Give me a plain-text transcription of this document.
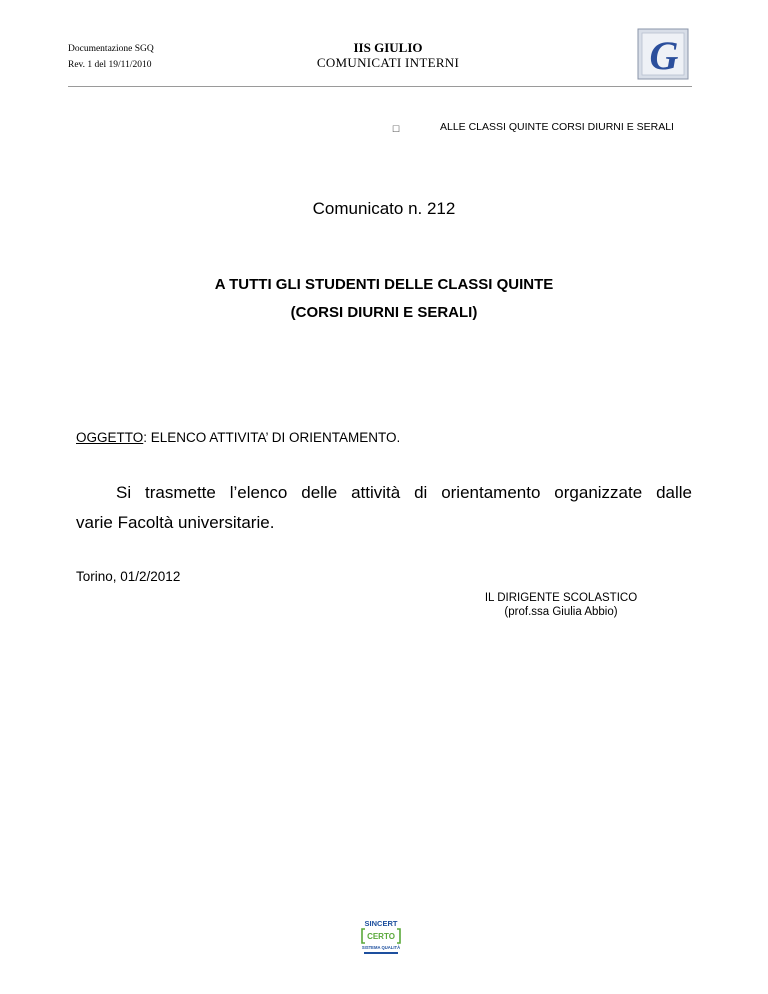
Documentazione SGQ
Rev. 1 del 19/11/2010
IIS GIULIO
COMUNICATI INTERNI	G
☐	ALLE CLASSI QUINTE CORSI DIURNI E SERALI
Comunicato n. 212
A TUTTI GLI STUDENTI DELLE CLASSI QUINTE
(CORSI DIURNI E SERALI)
OGGETTO: ELENCO ATTIVITA’ DI ORIENTAMENTO.
Si trasmette l’elenco delle attività di orientamento organizzate dalle
varie Facoltà universitarie.
Torino, 01/2/2012
IL DIRIGENTE SCOLASTICO
(prof.ssa Giulia Abbio)
SINCERT
CERTO
SISTEMA QUALITÀ
